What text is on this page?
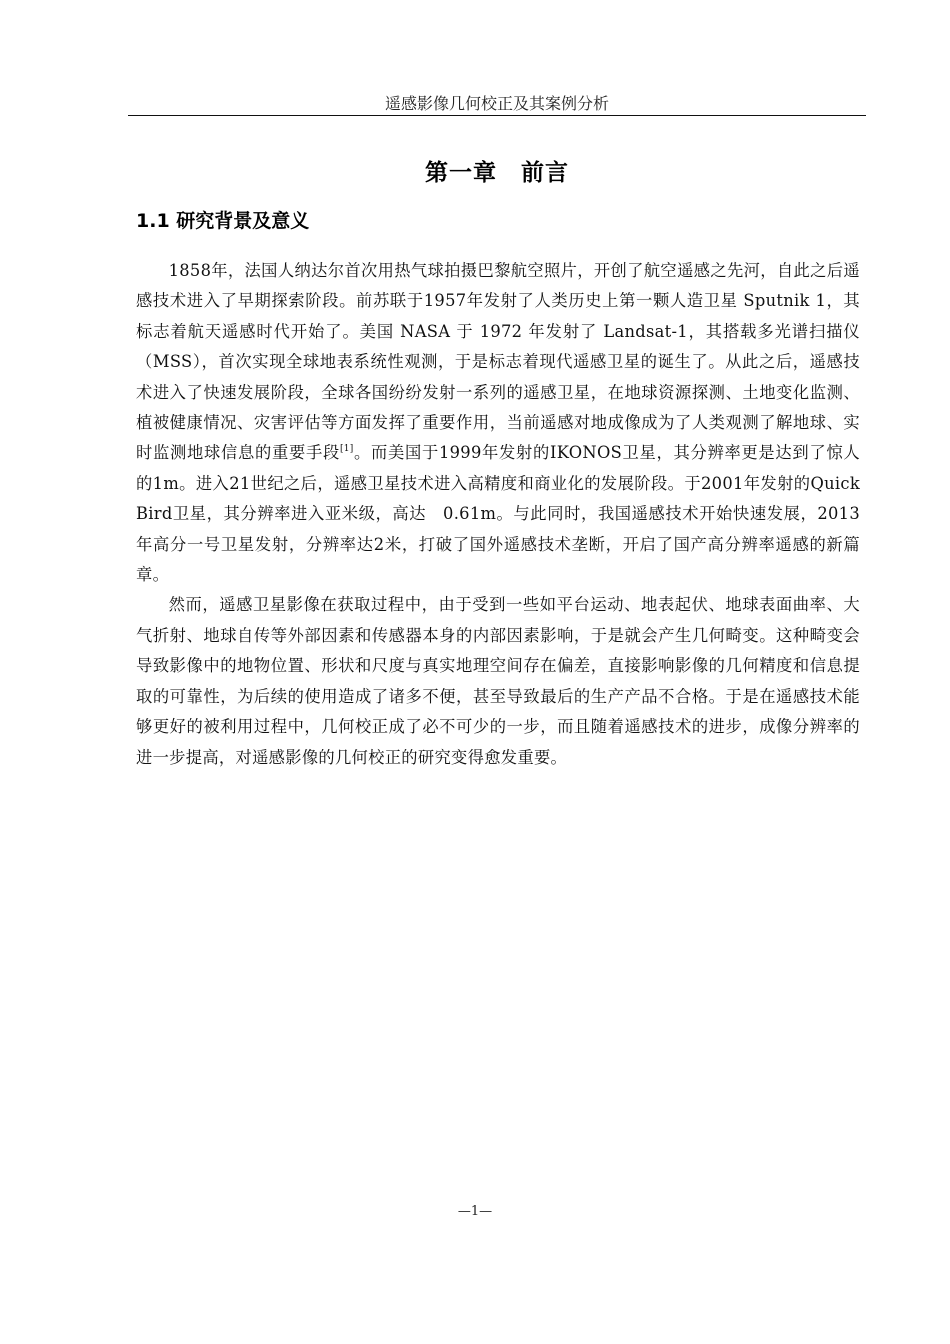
遥感影像几何校正及其案例分析
第一章　前言
1.1 研究背景及意义

1858年，法国人纳达尔首次用热气球拍摄巴黎航空照片，开创了航空遥感之先河，自此之后遥感技术进入了早期探索阶段。前苏联于1957年发射了人类历史上第一颗人造卫星 Sputnik 1，其标志着航天遥感时代开始了。美国 NASA 于 1972 年发射了 Landsat-1，其搭载多光谱扫描仪（MSS），首次实现全球地表系统性观测，于是标志着现代遥感卫星的诞生了。从此之后，遥感技术进入了快速发展阶段，全球各国纷纷发射一系列的遥感卫星，在地球资源探测、土地变化监测、植被健康情况、灾害评估等方面发挥了重要作用，当前遥感对地成像成为了人类观测了解地球、实时监测地球信息的重要手段[1]。而美国于1999年发射的IKONOS卫星，其分辨率更是达到了惊人的1m。进入21世纪之后，遥感卫星技术进入高精度和商业化的发展阶段。于2001年发射的Quick Bird卫星，其分辨率进入亚米级，高达　0.61m。与此同时，我国遥感技术开始快速发展，2013年高分一号卫星发射，分辨率达2米，打破了国外遥感技术垄断，开启了国产高分辨率遥感的新篇章。

然而，遥感卫星影像在获取过程中，由于受到一些如平台运动、地表起伏、地球表面曲率、大气折射、地球自传等外部因素和传感器本身的内部因素影响，于是就会产生几何畸变。这种畸变会导致影像中的地物位置、形状和尺度与真实地理空间存在偏差，直接影响影像的几何精度和信息提取的可靠性，为后续的使用造成了诸多不便，甚至导致最后的生产产品不合格。于是在遥感技术能够更好的被利用过程中，几何校正成了必不可少的一步，而且随着遥感技术的进步，成像分辨率的进一步提高，对遥感影像的几何校正的研究变得愈发重要。

—1—
